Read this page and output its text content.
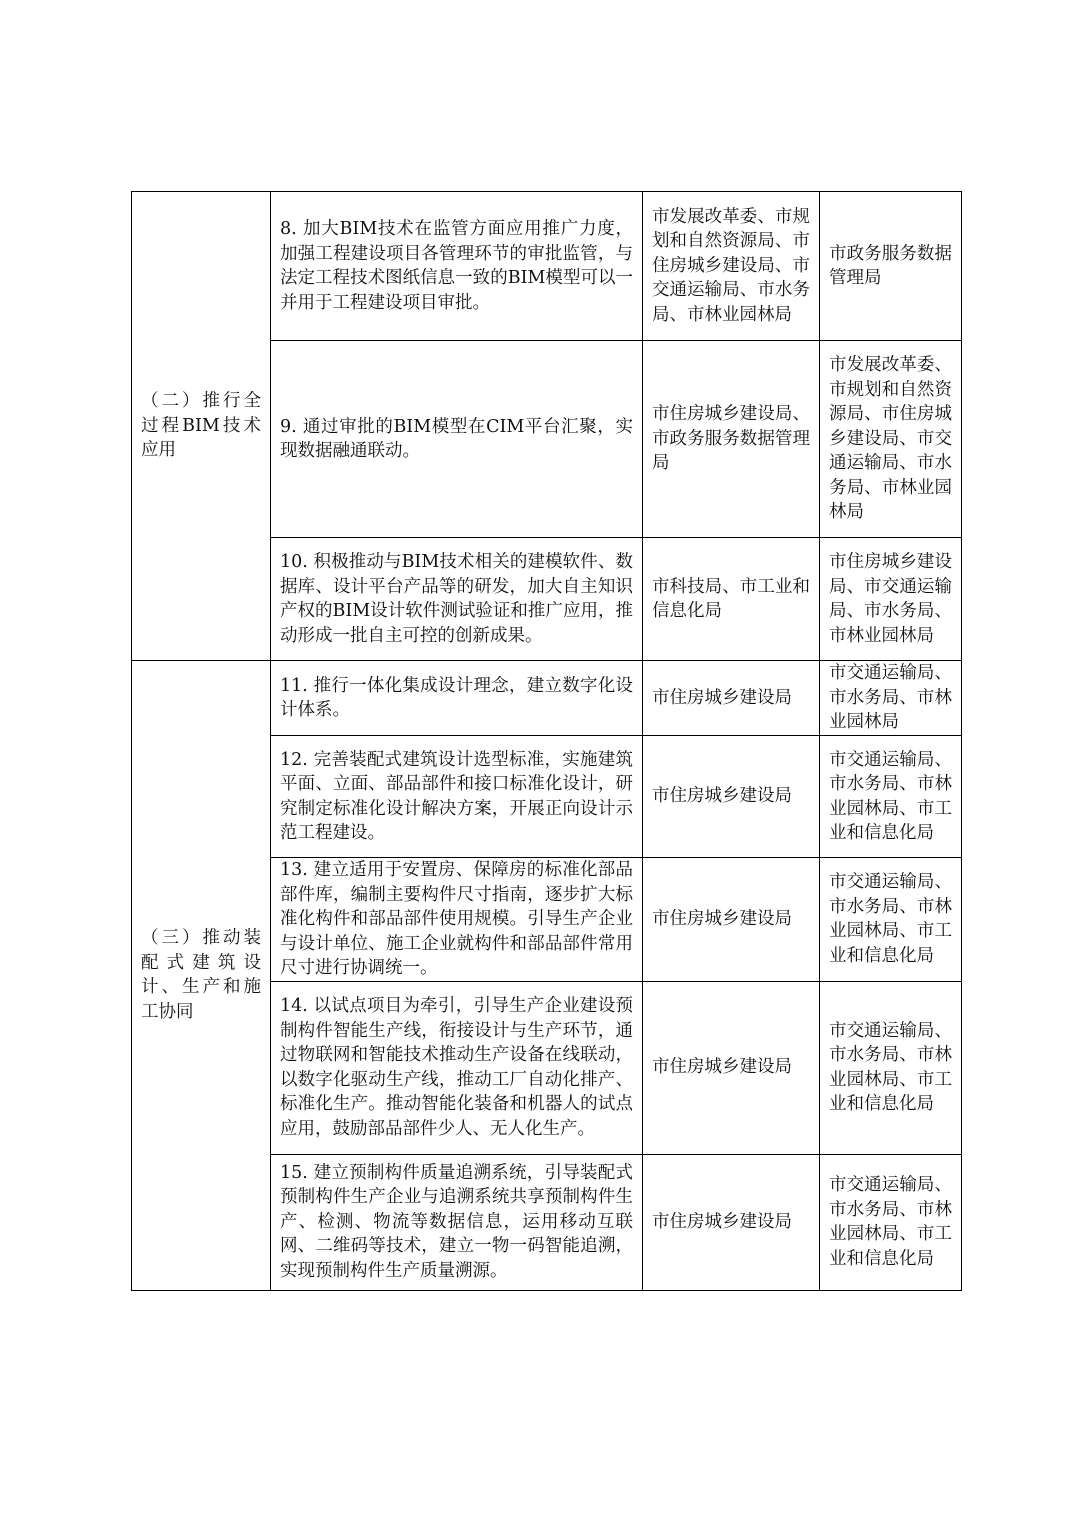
（二）推行全过程BIM技术应用	8. 加大BIM技术在监管方面应用推广力度，加强工程建设项目各管理环节的审批监管，与法定工程技术图纸信息一致的BIM模型可以一并用于工程建设项目审批。	市发展改革委、市规划和自然资源局、市住房城乡建设局、市交通运输局、市水务局、市林业园林局	市政务服务数据管理局
	9. 通过审批的BIM模型在CIM平台汇聚，实现数据融通联动。	市住房城乡建设局、市政务服务数据管理局	市发展改革委、市规划和自然资源局、市住房城乡建设局、市交通运输局、市水务局、市林业园林局
	10. 积极推动与BIM技术相关的建模软件、数据库、设计平台产品等的研发，加大自主知识产权的BIM设计软件测试验证和推广应用，推动形成一批自主可控的创新成果。	市科技局、市工业和信息化局	市住房城乡建设局、市交通运输局、市水务局、市林业园林局
（三）推动装配式建筑设计、生产和施工协同	11. 推行一体化集成设计理念，建立数字化设计体系。	市住房城乡建设局	市交通运输局、市水务局、市林业园林局
	12. 完善装配式建筑设计选型标准，实施建筑平面、立面、部品部件和接口标准化设计，研究制定标准化设计解决方案，开展正向设计示范工程建设。	市住房城乡建设局	市交通运输局、市水务局、市林业园林局、市工业和信息化局
	13. 建立适用于安置房、保障房的标准化部品部件库，编制主要构件尺寸指南，逐步扩大标准化构件和部品部件使用规模。引导生产企业与设计单位、施工企业就构件和部品部件常用尺寸进行协调统一。	市住房城乡建设局	市交通运输局、市水务局、市林业园林局、市工业和信息化局
	14. 以试点项目为牵引，引导生产企业建设预制构件智能生产线，衔接设计与生产环节，通过物联网和智能技术推动生产设备在线联动，以数字化驱动生产线，推动工厂自动化排产、标准化生产。推动智能化装备和机器人的试点应用，鼓励部品部件少人、无人化生产。	市住房城乡建设局	市交通运输局、市水务局、市林业园林局、市工业和信息化局
	15. 建立预制构件质量追溯系统，引导装配式预制构件生产企业与追溯系统共享预制构件生产、检测、物流等数据信息，运用移动互联网、二维码等技术，建立一物一码智能追溯，实现预制构件生产质量溯源。	市住房城乡建设局	市交通运输局、市水务局、市林业园林局、市工业和信息化局
